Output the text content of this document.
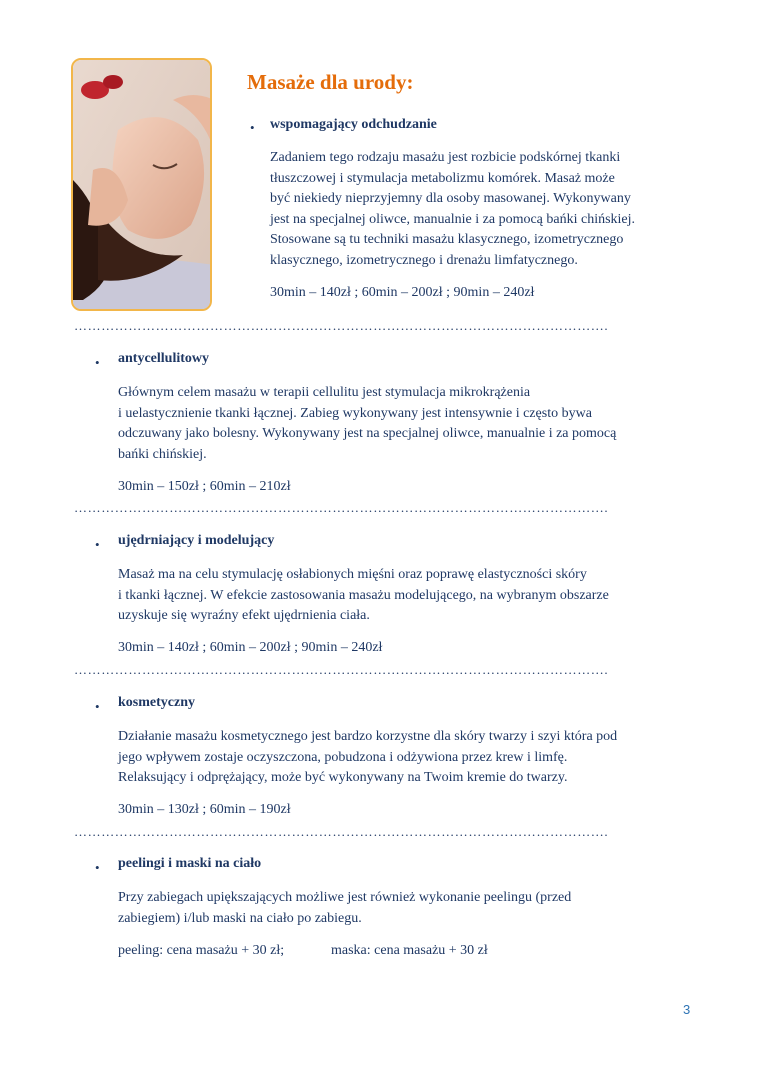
Masaże dla urody:
• wspomagający odchudzanie
Zadaniem tego rodzaju masażu jest rozbicie podskórnej tkanki
tłuszczowej i stymulacja metabolizmu komórek. Masaż może
być niekiedy nieprzyjemny dla osoby masowanej. Wykonywany
jest na specjalnej oliwce, manualnie i za pomocą bańki chińskiej.
Stosowane są tu techniki masażu klasycznego, izometrycznego
klasycznego, izometrycznego i drenażu limfatycznego.
30min – 140zł ; 60min – 200zł ; 90min – 240zł
……………………………………………………………………………………………………….
• antycellulitowy
Głównym celem masażu w terapii cellulitu jest stymulacja mikrokrążenia
i uelastycznienie tkanki łącznej. Zabieg wykonywany jest intensywnie i często bywa
odczuwany jako bolesny. Wykonywany jest na specjalnej oliwce, manualnie i za pomocą
bańki chińskiej.
30min – 150zł ; 60min – 210zł
……………………………………………………………………………………………………….
• ujędrniający i modelujący
Masaż ma na celu stymulację osłabionych mięśni oraz poprawę elastyczności skóry
i tkanki łącznej. W efekcie zastosowania masażu modelującego, na wybranym obszarze
uzyskuje się wyraźny efekt ujędrnienia ciała.
30min – 140zł ; 60min – 200zł ; 90min – 240zł
……………………………………………………………………………………………………….
• kosmetyczny
Działanie masażu kosmetycznego jest bardzo korzystne dla skóry twarzy i szyi która pod
jego wpływem zostaje oczyszczona, pobudzona i odżywiona przez krew i limfę.
Relaksujący i odprężający, może być wykonywany na Twoim kremie do twarzy.
30min – 130zł ; 60min – 190zł
……………………………………………………………………………………………………….
• peelingi i maski na ciało
Przy zabiegach upiększających możliwe jest również wykonanie peelingu (przed
zabiegiem) i/lub maski na ciało po zabiegu.
peeling: cena masażu + 30 zł;	maska: cena masażu + 30 zł
3
